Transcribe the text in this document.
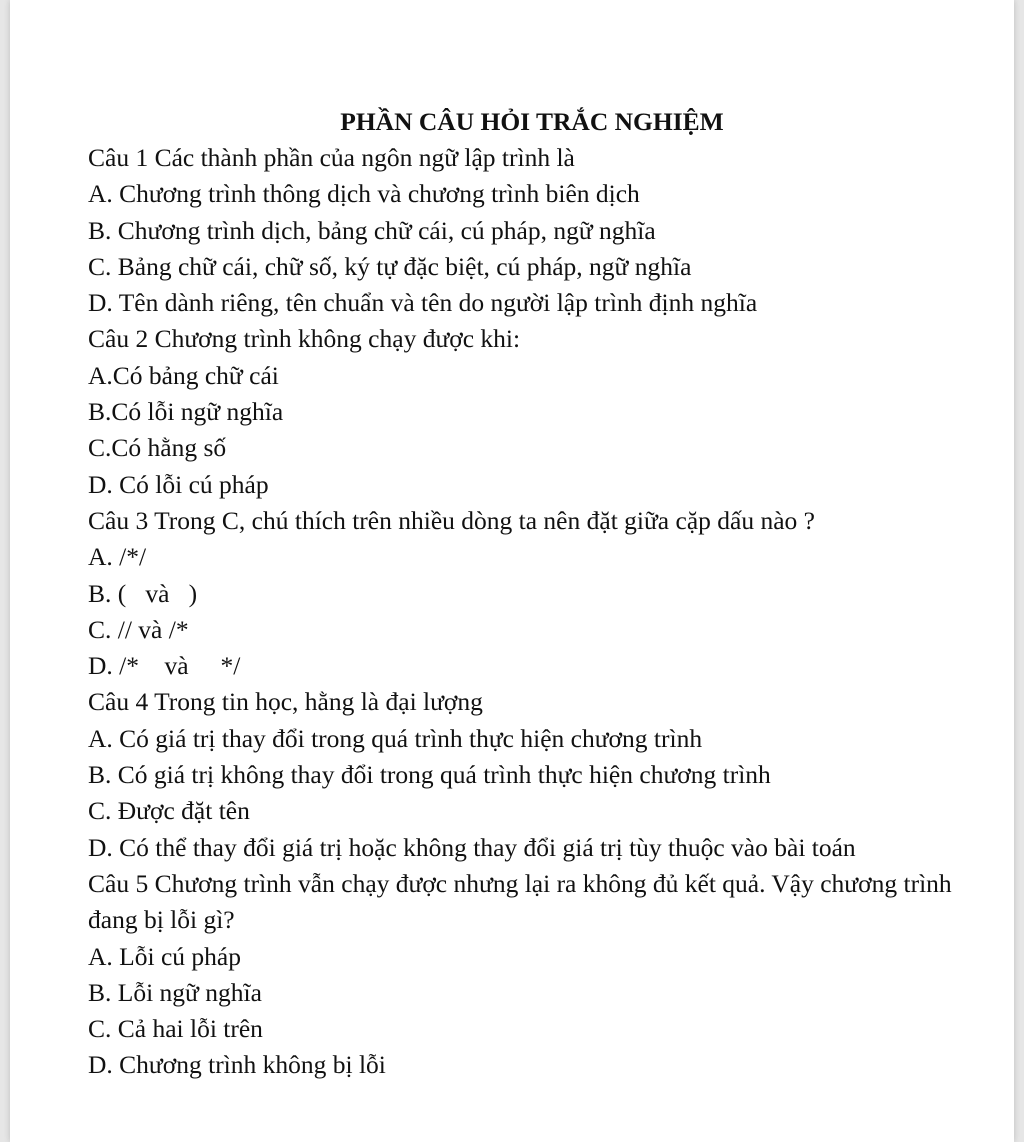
PHẦN CÂU HỎI TRẮC NGHIỆM
Câu 1 Các thành phần của ngôn ngữ lập trình là
A. Chương trình thông dịch và chương trình biên dịch
B. Chương trình dịch, bảng chữ cái, cú pháp, ngữ nghĩa
C. Bảng chữ cái, chữ số, ký tự đặc biệt, cú pháp, ngữ nghĩa
D. Tên dành riêng, tên chuẩn và tên do người lập trình định nghĩa
Câu 2 Chương trình không chạy được khi:
A.Có bảng chữ cái
B.Có lỗi ngữ nghĩa
C.Có hằng số
D. Có lỗi cú pháp
Câu 3 Trong C, chú thích trên nhiều dòng ta nên đặt giữa cặp dấu nào ?
A. /*/
B. (   và   )
C. // và /*
D. /*    và     */
Câu 4 Trong tin học, hằng là đại lượng
A. Có giá trị thay đổi trong quá trình thực hiện chương trình
B. Có giá trị không thay đổi trong quá trình thực hiện chương trình
C. Được đặt tên
D. Có thể thay đổi giá trị hoặc không thay đổi giá trị tùy thuộc vào bài toán
Câu 5 Chương trình vẫn chạy được nhưng lại ra không đủ kết quả. Vậy chương trình đang bị lỗi gì?
A. Lỗi cú pháp
B. Lỗi ngữ nghĩa
C. Cả hai lỗi trên
D. Chương trình không bị lỗi
